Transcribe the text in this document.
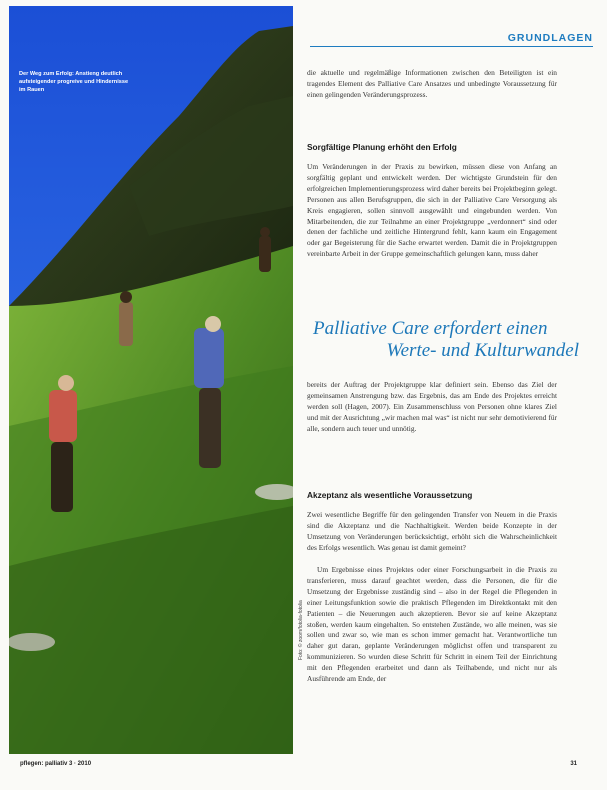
Der Weg zum Erfolg: Anstieng deutlich aufsteigender progreive und Hindernisse im Rauen
Foto: © zoom/fotolia-fotolia
GRUNDLAGEN
die aktuelle und regelmäßige Informationen zwischen den Beteiligten ist ein tragendes Element des Palliative Care Ansatzes und unbedingte Voraussetzung für einen gelingenden Veränderungsprozess.
Sorgfältige Planung erhöht den Erfolg
Um Veränderungen in der Praxis zu bewirken, müssen diese von Anfang an sorgfältig geplant und entwickelt werden. Der wichtigste Grundstein für den erfolgreichen Implementierungsprozess wird daher bereits bei Projektbeginn gelegt. Personen aus allen Berufsgruppen, die sich in der Palliative Care Versorgung als Kreis engagieren, sollen sinnvoll ausgewählt und eingebunden werden. Von Mitarbeitenden, die zur Teilnahme an einer Projektgruppe „verdonnert“ sind oder denen der fachliche und zeitliche Hintergrund fehlt, kann kaum ein Engagement oder gar Begeisterung für die Sache erwartet werden. Damit die in Projektgruppen vereinbarte Arbeit in der Gruppe gemeinschaftlich gelungen kann, muss daher
Palliative Care erfordert einen
Werte- und Kulturwandel
bereits der Auftrag der Projektgruppe klar definiert sein. Ebenso das Ziel der gemeinsamen Anstrengung bzw. das Ergebnis, das am Ende des Projektes erreicht werden soll (Hagen, 2007). Ein Zusammenschluss von Personen ohne klares Ziel und mit der Ausrichtung „wir machen mal was“ ist nicht nur sehr demotivierend für alle, sondern auch teuer und unnötig.
Akzeptanz als wesentliche Voraussetzung
Zwei wesentliche Begriffe für den gelingenden Transfer von Neuem in die Praxis sind die Akzeptanz und die Nachhaltigkeit. Werden beide Konzepte in der Umsetzung von Veränderungen berücksichtigt, erhöht sich die Wahrscheinlichkeit des Erfolgs wesentlich. Was genau ist damit gemeint?
Um Ergebnisse eines Projektes oder einer Forschungsarbeit in die Praxis zu transferieren, muss darauf geachtet werden, dass die Personen, die für die Umsetzung der Ergebnisse zuständig sind – also in der Regel die Pflegenden in einer Leitungsfunktion sowie die praktisch Pflegenden im Direktkontakt mit den Patienten – die Neuerungen auch akzeptieren. Bevor sie auf keine Akzeptanz stoßen, werden kaum eingehalten. So entstehen Zustände, wo alle meinen, was sie sollen und zwar so, wie man es schon immer gemacht hat. Verantwortliche tun daher gut daran, geplante Veränderungen möglichst offen und transparent zu kommunizieren. So wurden diese Schritt für Schritt in einem Teil der Einrichtung mit den Pflegenden erarbeitet und dann als Teilhabende, und nicht nur als Ausführende am Ende, der
pflegen: palliativ 3 · 2010	31
